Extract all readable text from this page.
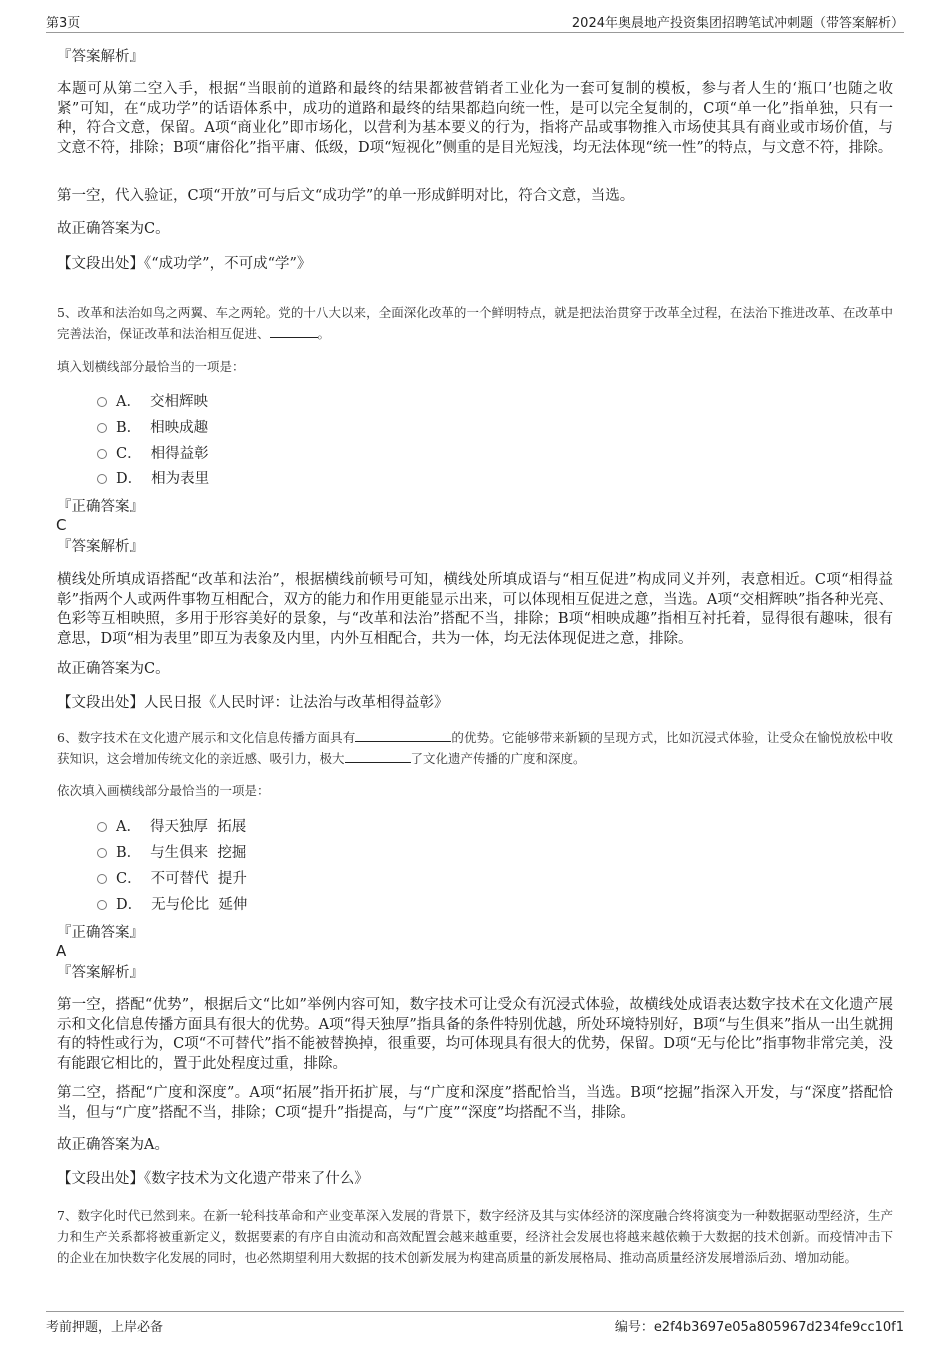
第3页	2024年奥晨地产投资集团招聘笔试冲刺题（带答案解析）
『答案解析』

本题可从第二空入手，根据“当眼前的道路和最终的结果都被营销者工业化为一套可复制的模板，参与者人生的‘瓶口’也随之收紧”可知，在“成功学”的话语体系中，成功的道路和最终的结果都趋向统一性，是可以完全复制的，C项“单一化”指单独，只有一种，符合文意，保留。A项“商业化”即市场化，以营利为基本要义的行为，指将产品或事物推入市场使其具有商业或市场价值，与文意不符，排除；B项“庸俗化”指平庸、低级，D项“短视化”侧重的是目光短浅，均无法体现“统一性”的特点，与文意不符，排除。

第一空，代入验证，C项“开放”可与后文“成功学”的单一形成鲜明对比，符合文意，当选。

故正确答案为C。

【文段出处】《“成功学”，不可成“学”》

5、改革和法治如鸟之两翼、车之两轮。党的十八大以来，全面深化改革的一个鲜明特点，就是把法治贯穿于改革全过程，在法治下推进改革、在改革中完善法治，保证改革和法治相互促进、	。

填入划横线部分最恰当的一项是：

A． 交相辉映
B． 相映成趣
C． 相得益彰
D． 相为表里
『正确答案』
C
『答案解析』

横线处所填成语搭配“改革和法治”，根据横线前顿号可知，横线处所填成语与“相互促进”构成同义并列，表意相近。C项“相得益彰”指两个人或两件事物互相配合，双方的能力和作用更能显示出来，可以体现相互促进之意，当选。A项“交相辉映”指各种光亮、色彩等互相映照，多用于形容美好的景象，与“改革和法治”搭配不当，排除；B项“相映成趣”指相互衬托着，显得很有趣味，很有意思，D项“相为表里”即互为表象及内里，内外互相配合，共为一体，均无法体现促进之意，排除。

故正确答案为C。

【文段出处】人民日报《人民时评：让法治与改革相得益彰》

6、数字技术在文化遗产展示和文化信息传播方面具有	的优势。它能够带来新颖的呈现方式，比如沉浸式体验，让受众在愉悦放松中收获知识，这会增加传统文化的亲近感、吸引力，极大	了文化遗产传播的广度和深度。

依次填入画横线部分最恰当的一项是：

A． 得天独厚  拓展
B． 与生俱来  挖掘
C． 不可替代  提升
D． 无与伦比  延伸
『正确答案』
A
『答案解析』

第一空，搭配“优势”，根据后文“比如”举例内容可知，数字技术可让受众有沉浸式体验，故横线处成语表达数字技术在文化遗产展示和文化信息传播方面具有很大的优势。A项“得天独厚”指具备的条件特别优越，所处环境特别好，B项“与生俱来”指从一出生就拥有的特性或行为，C项“不可替代”指不能被替换掉，很重要，均可体现具有很大的优势，保留。D项“无与伦比”指事物非常完美，没有能跟它相比的，置于此处程度过重，排除。

第二空，搭配“广度和深度”。A项“拓展”指开拓扩展，与“广度和深度”搭配恰当，当选。B项“挖掘”指深入开发，与“深度”搭配恰当，但与“广度”搭配不当，排除；C项“提升”指提高，与“广度”“深度”均搭配不当，排除。

故正确答案为A。

【文段出处】《数字技术为文化遗产带来了什么》

7、数字化时代已然到来。在新一轮科技革命和产业变革深入发展的背景下，数字经济及其与实体经济的深度融合终将演变为一种数据驱动型经济，生产力和生产关系都将被重新定义，数据要素的有序自由流动和高效配置会越来越重要，经济社会发展也将越来越依赖于大数据的技术创新。而疫情冲击下的企业在加快数字化发展的同时，也必然期望利用大数据的技术创新发展为构建高质量的新发展格局、推动高质量经济发展增添后劲、增加动能。

考前押题，上岸必备	编号：e2f4b3697e05a805967d234fe9cc10f1
